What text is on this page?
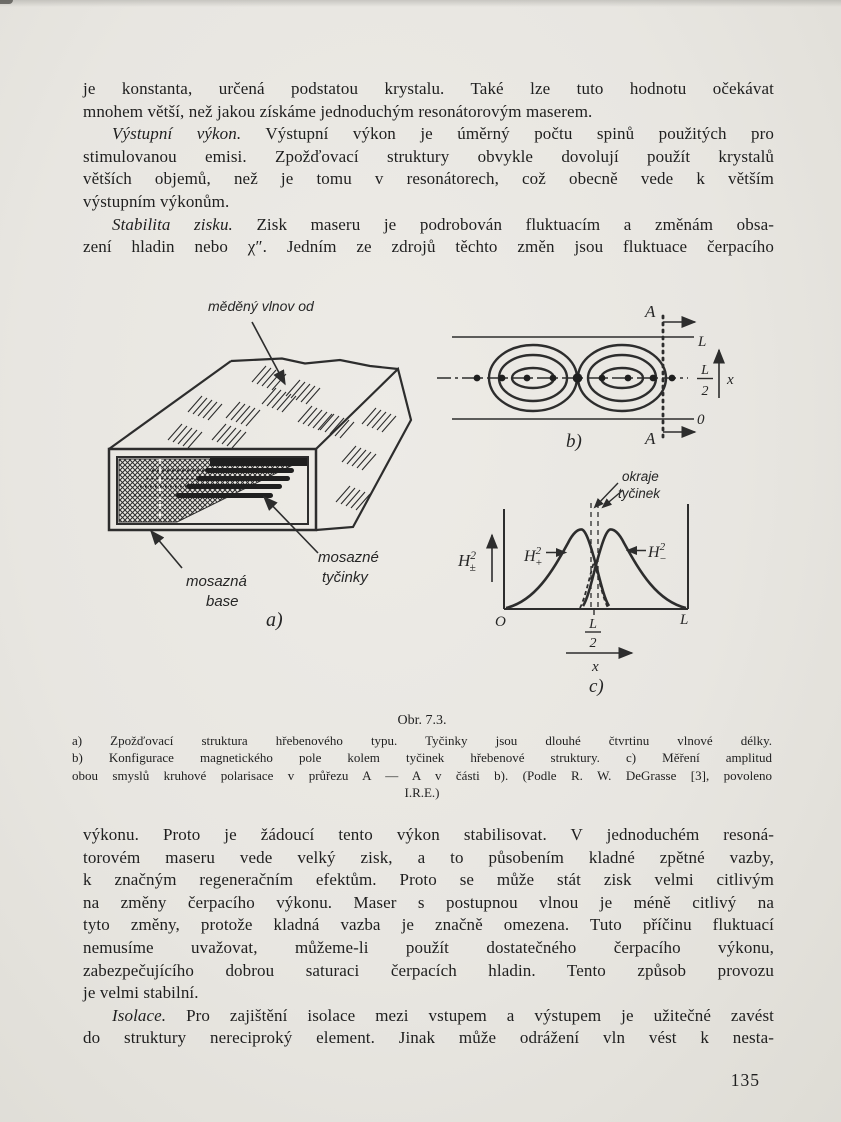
je konstanta, určená podstatou krystalu. Také lze tuto hodnotu očekávat
mnohem větší, než jakou získáme jednoduchým resonátorovým maserem.
Výstupní výkon. Výstupní výkon je úměrný počtu spinů použitých pro
stimulovanou emisi. Zpožďovací struktury obvykle dovolují použít krystalů
větších objemů, než je tomu v resonátorech, což obecně vede k větším
výstupním výkonům.
Stabilita zisku. Zisk maseru je podrobován fluktuacím a změnám obsa-
zení hladin nebo χ″. Jedním ze zdrojů těchto změn jsou fluktuace čerpacího
měděný vlnov od
mosazná
base
mosazné
tyčinky
a)
A
A
L
L
2
0
x
b)
$H^2$ ±
$H^2$ +
$H^2$ −
okraje
tyčinek
O	L
L
2
x
c)
Obr. 7.3.
a) Zpožďovací struktura hřebenového typu. Tyčinky jsou dlouhé čtvrtinu vlnové délky.
b) Konfigurace magnetického pole kolem tyčinek hřebenové struktury. c) Měření amplitud
obou smyslů kruhové polarisace v průřezu A — A v části b). (Podle R. W. DeGrasse [3], povoleno
I.R.E.)
výkonu. Proto je žádoucí tento výkon stabilisovat. V jednoduchém resoná-
torovém maseru vede velký zisk, a to působením kladné zpětné vazby,
k značným regeneračním efektům. Proto se může stát zisk velmi citlivým
na změny čerpacího výkonu. Maser s postupnou vlnou je méně citlivý na
tyto změny, protože kladná vazba je značně omezena. Tuto příčinu fluktuací
nemusíme uvažovat, můžeme-li použít dostatečného čerpacího výkonu,
zabezpečujícího dobrou saturaci čerpacích hladin. Tento způsob provozu
je velmi stabilní.
Isolace. Pro zajištění isolace mezi vstupem a výstupem je užitečné zavést
do struktury nereciproký element. Jinak může odrážení vln vést k nesta-
135
